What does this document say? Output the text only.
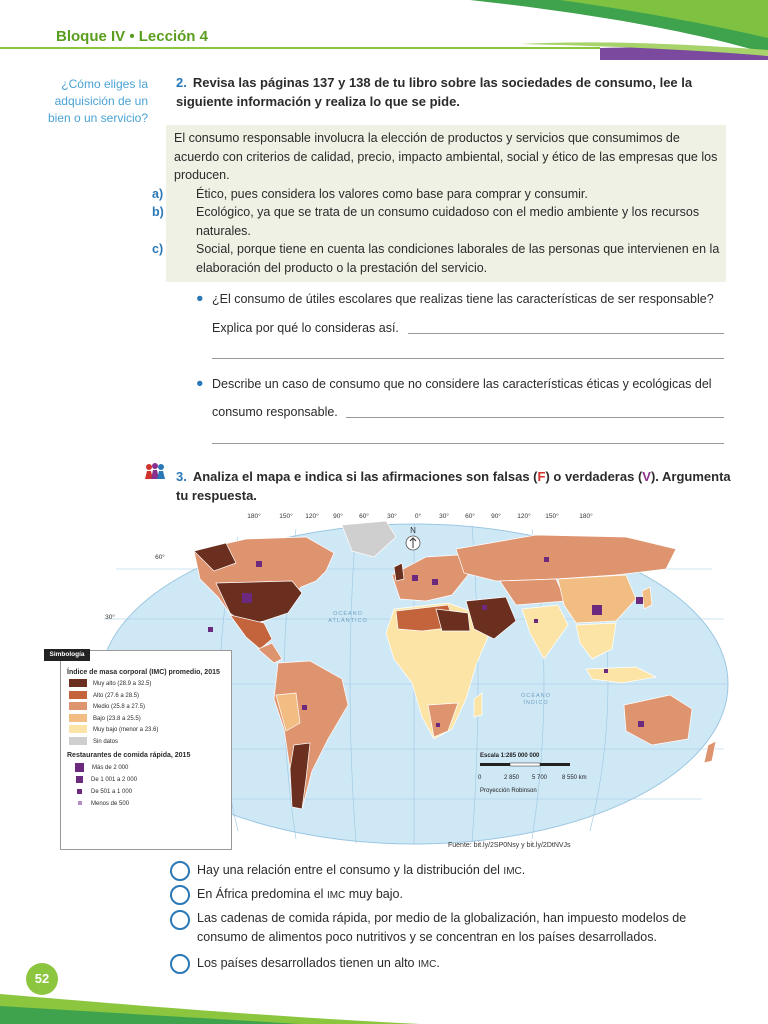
Bloque IV • Lección 4
¿Cómo eliges la adquisición de un bien o un servicio?
2. Revisa las páginas 137 y 138 de tu libro sobre las sociedades de consumo, lee la siguiente información y realiza lo que se pide.
El consumo responsable involucra la elección de productos y servicios que consumimos de acuerdo con criterios de calidad, precio, impacto ambiental, social y ético de las empresas que los producen.
a)	Ético, pues considera los valores como base para comprar y consumir.
b)	Ecológico, ya que se trata de un consumo cuidadoso con el medio ambiente y los recursos naturales.
c)	Social, porque tiene en cuenta las condiciones laborales de las personas que intervienen en la elaboración del producto o la prestación del servicio.
● ¿El consumo de útiles escolares que realizas tiene las características de ser responsable?
Explica por qué lo consideras así.
● Describe un caso de consumo que no considere las características éticas y ecológicas del
consumo responsable.
3. Analiza el mapa e indica si las afirmaciones son falsas (F) o verdaderas (V). Argumenta tu respuesta.
N
180°	150° 120° 90° 60°	30°	0°	30° 60° 90°	120° 150°	180°
60°
30°	OCÉANO
ATLÁNTICO
OCÉANO
ÍNDICO
Escala 1:285 000 000
0	2 850 5 700 8 550 km
Proyección Robinson
Índice de masa corporal (IMC) promedio, 2015
Muy alto (28.9 a 32.5)
Alto (27.6 a 28.5)
Medio (25.8 a 27.5)
Bajo (23.8 a 25.5)
Muy bajo (menor a 23.6)
Sin datos
Restaurantes de comida rápida, 2015
Más de 2 000
De 1 001 a 2 000
De 501 a 1 000
Menos de 500
Simbología
Fuente: bit.ly/2SP0Nsy y bit.ly/2DtNVJs
Hay una relación entre el consumo y la distribución del IMC.
En África predomina el IMC muy bajo.
Las cadenas de comida rápida, por medio de la globalización, han impuesto modelos de consumo de alimentos poco nutritivos y se concentran en los países desarrollados.
Los países desarrollados tienen un alto IMC.
52
